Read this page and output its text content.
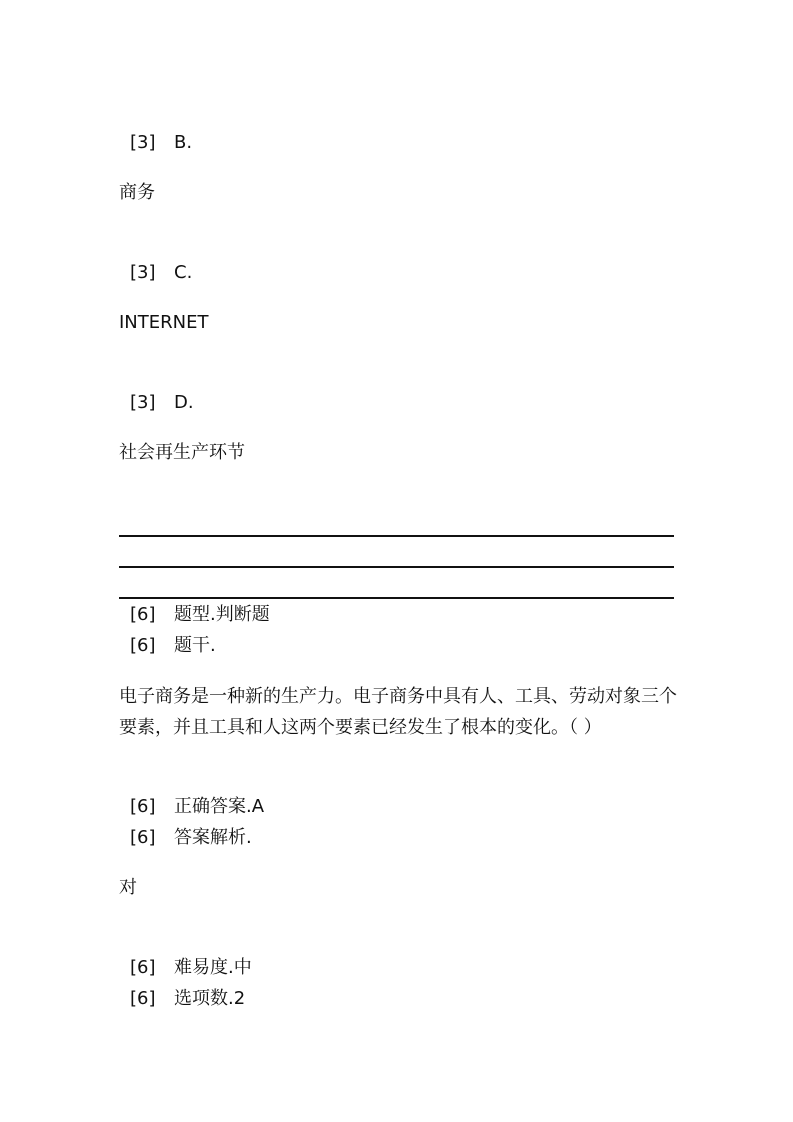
[3] B.
商务
[3] C.
INTERNET
[3] D.
社会再生产环节
[6] 题型.判断题
[6] 题干.
电子商务是一种新的生产力。电子商务中具有人、工具、劳动对象三个要素，并且工具和人这两个要素已经发生了根本的变化。（ ）
[6] 正确答案.A
[6] 答案解析.
对
[6] 难易度.中
[6] 选项数.2
